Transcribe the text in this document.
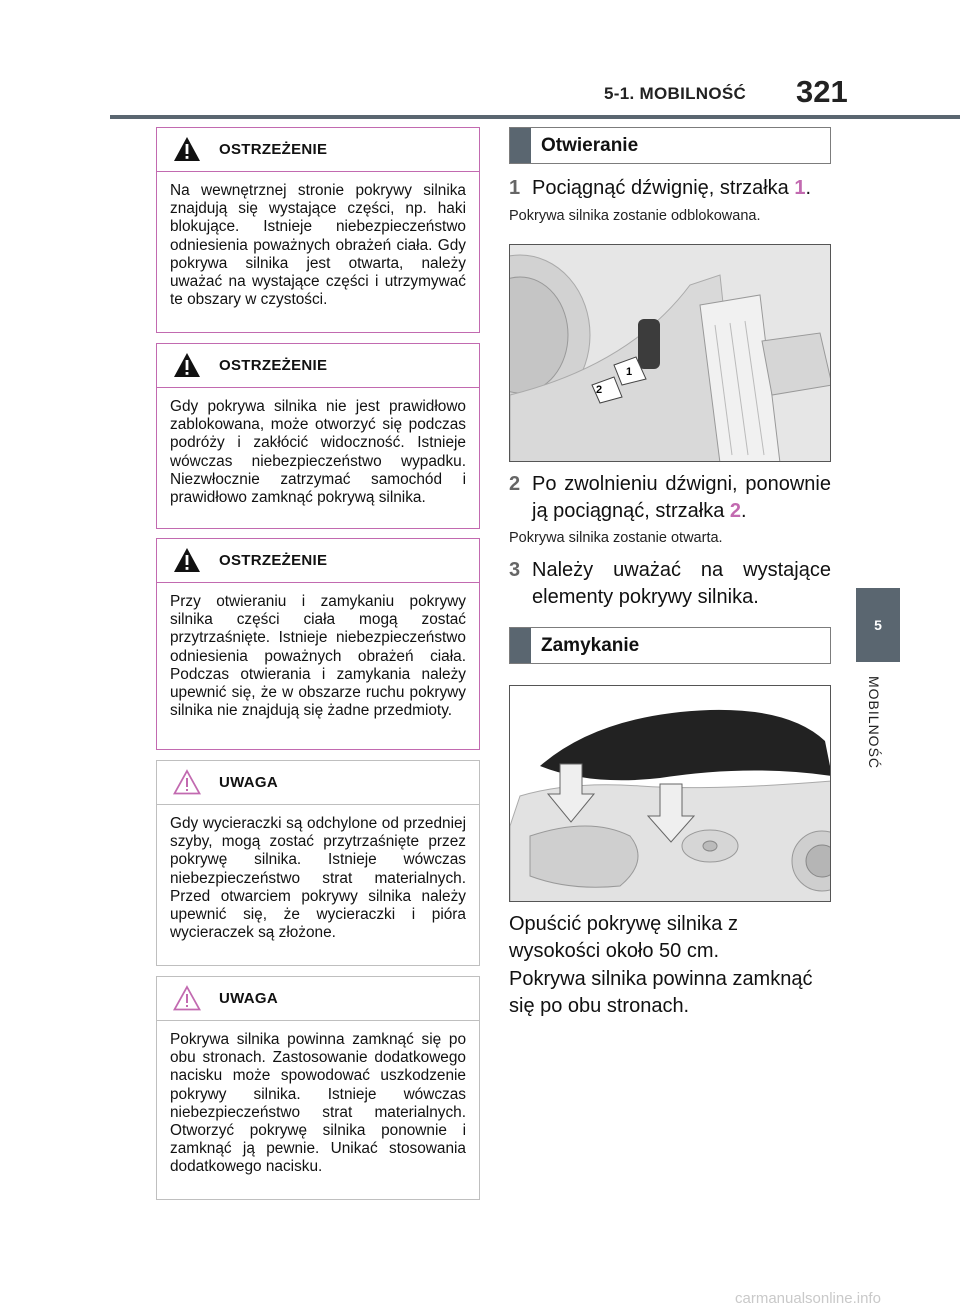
5-1. MOBILNOŚĆ 321
5
MOBILNOŚĆ
OSTRZEŻENIE
Na wewnętrznej stronie pokrywy silnika znajdują się wystające części, np. haki blokujące. Istnieje niebezpieczeństwo odniesienia poważnych obrażeń ciała. Gdy pokrywa silnika jest otwarta, należy uważać na wystające części i utrzymywać te obszary w czystości.
OSTRZEŻENIE
Gdy pokrywa silnika nie jest prawidłowo zablokowana, może otworzyć się podczas podróży i zakłócić widoczność. Istnieje wówczas niebezpieczeństwo wypadku. Niezwłocznie zatrzymać samochód i prawidłowo zamknąć pokrywą silnika.
OSTRZEŻENIE
Przy otwieraniu i zamykaniu pokrywy silnika części ciała mogą zostać przytrzaśnięte. Istnieje niebezpieczeństwo odniesienia poważnych obrażeń ciała. Podczas otwierania i zamykania należy upewnić się, że w obszarze ruchu pokrywy silnika nie znajdują się żadne przedmioty.
UWAGA
Gdy wycieraczki są odchylone od przedniej szyby, mogą zostać przytrzaśnięte przez pokrywę silnika. Istnieje wówczas niebezpieczeństwo strat materialnych. Przed otwarciem pokrywy silnika należy upewnić się, że wycieraczki i pióra wycieraczek są złożone.
UWAGA
Pokrywa silnika powinna zamknąć się po obu stronach. Zastosowanie dodatkowego nacisku może spowodować uszkodzenie pokrywy silnika. Istnieje wówczas niebezpieczeństwo strat materialnych. Otworzyć pokrywę silnika ponownie i zamknąć ją pewnie. Unikać stosowania dodatkowego nacisku.
Otwieranie
1 Pociągnąć dźwignię, strzałka 1.
Pokrywa silnika zostanie odblokowana.
1
2
2 Po zwolnieniu dźwigni, ponownie ją pociągnąć, strzałka 2.
Pokrywa silnika zostanie otwarta.
3 Należy uważać na wystające elementy pokrywy silnika.
Zamykanie
Opuścić pokrywę silnika z wysokości około 50 cm.
Pokrywa silnika powinna zamknąć się po obu stronach.
carmanualsonline.info
